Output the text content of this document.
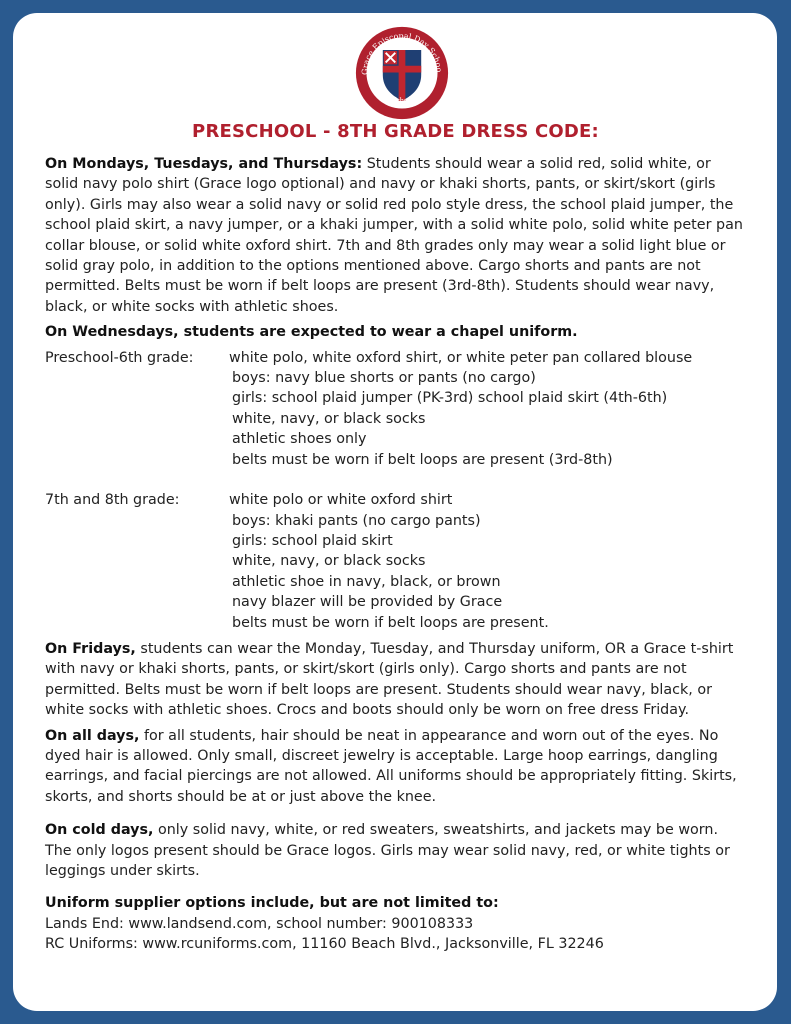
Grace Episcopal Day Schoo
Established 1950
PRESCHOOL - 8TH GRADE DRESS CODE:

On Mondays, Tuesdays, and Thursdays: Students should wear a solid red, solid white, or solid navy polo shirt (Grace logo optional) and navy or khaki shorts, pants, or skirt/skort (girls only). Girls may also wear a solid navy or solid red polo style dress, the school plaid jumper, the school plaid skirt, a navy jumper, or a khaki jumper, with a solid white polo, solid white peter pan collar blouse, or solid white oxford shirt. 7th and 8th grades only may wear a solid light blue or solid gray polo, in addition to the options mentioned above. Cargo shorts and pants are not permitted. Belts must be worn if belt loops are present (3rd-8th). Students should wear navy, black, or white socks with athletic shoes.

On Wednesdays, students are expected to wear a chapel uniform.

Preschool-6th grade: white polo, white oxford shirt, or white peter pan collared blouse
boys: navy blue shorts or pants (no cargo)
girls: school plaid jumper (PK-3rd) school plaid skirt (4th-6th)
white, navy, or black socks
athletic shoes only
belts must be worn if belt loops are present (3rd-8th)
7th and 8th grade:	white polo or white oxford shirt
boys: khaki pants (no cargo pants)
girls: school plaid skirt
white, navy, or black socks
athletic shoe in navy, black, or brown
navy blazer will be provided by Grace
belts must be worn if belt loops are present.

On Fridays, students can wear the Monday, Tuesday, and Thursday uniform, OR a Grace t-shirt with navy or khaki shorts, pants, or skirt/skort (girls only). Cargo shorts and pants are not permitted. Belts must be worn if belt loops are present. Students should wear navy, black, or white socks with athletic shoes. Crocs and boots should only be worn on free dress Friday.

On all days, for all students, hair should be neat in appearance and worn out of the eyes. No dyed hair is allowed. Only small, discreet jewelry is acceptable. Large hoop earrings, dangling earrings, and facial piercings are not allowed. All uniforms should be appropriately fitting. Skirts, skorts, and shorts should be at or just above the knee.

On cold days, only solid navy, white, or red sweaters, sweatshirts, and jackets may be worn. The only logos present should be Grace logos. Girls may wear solid navy, red, or white tights or leggings under skirts.

Uniform supplier options include, but are not limited to:

Lands End: www.landsend.com, school number: 900108333

RC Uniforms: www.rcuniforms.com, 11160 Beach Blvd., Jacksonville, FL 32246
